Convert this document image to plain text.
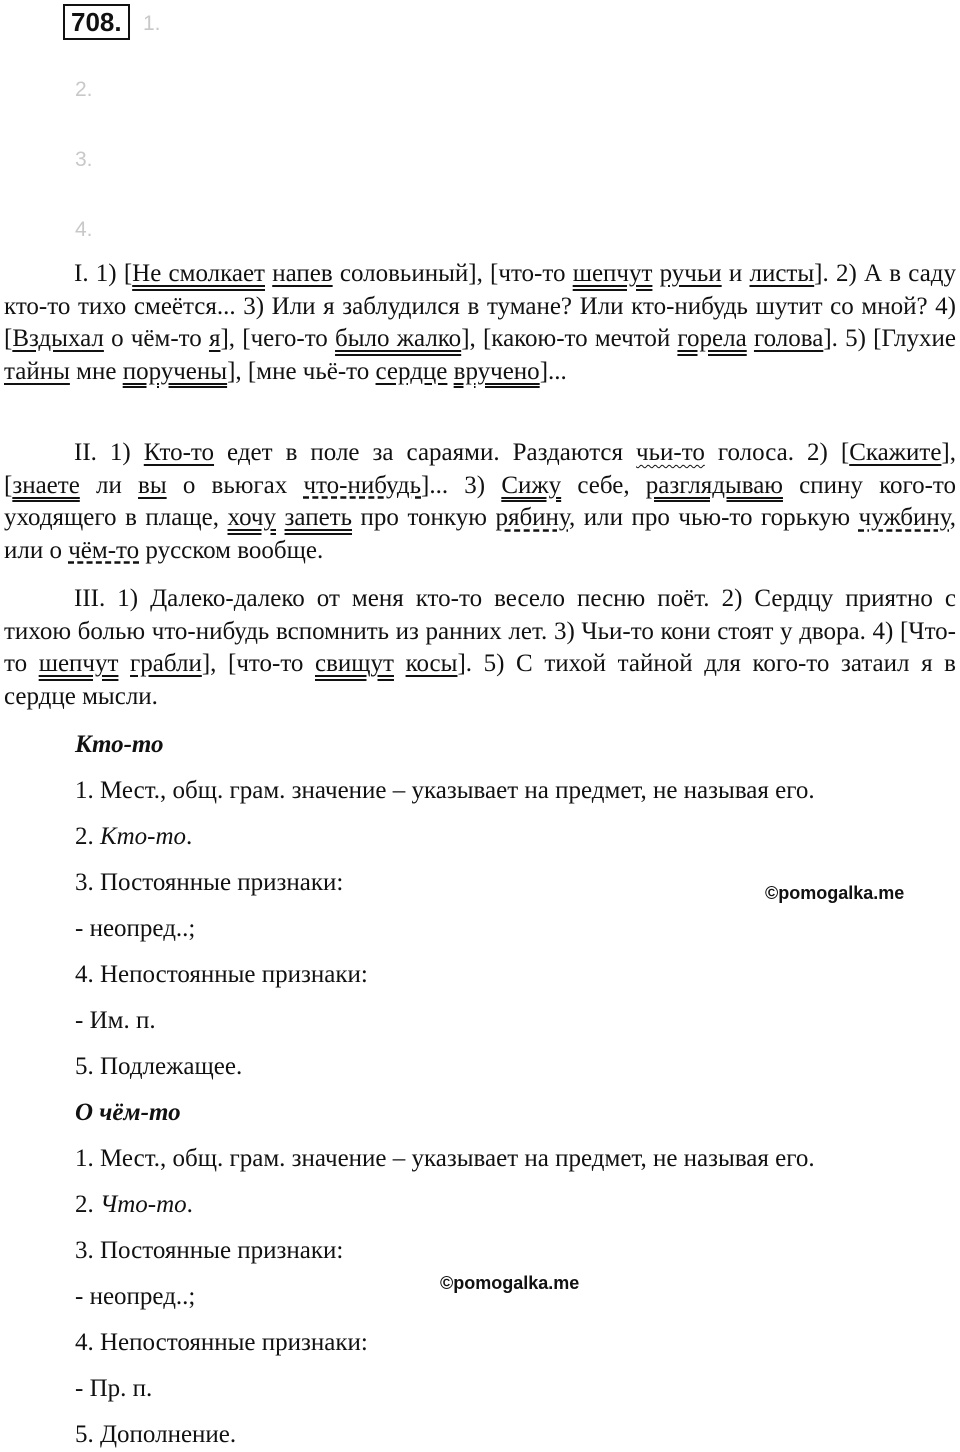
708.	1.
2.
3.
4.

I. 1) [Не смолкает напев соловьиный], [что-то шепчут ручьи и листы]. 2) А в саду кто-то тихо смеётся... 3) Или я заблудился в тумане? Или кто-нибудь шутит со мной? 4) [Вздыхал о чём-то я], [чего-то было жалко], [какою-то мечтой горела голова]. 5) [Глухие тайны мне поручены], [мне чьё-то сердце вручено]...

II. 1) Кто-то едет в поле за сараями. Раздаются чьи-то голоса. 2) [Скажите], [знаете ли вы о вьюгах что-нибудь]... 3) Сижу себе, разглядываю спину кого-то уходящего в плаще, хочу запеть про тонкую рябину, или про чью-то горькую чужбину, или о чём-то русском вообще.

III. 1) Далеко-далеко от меня кто-то весело песню поёт. 2) Сердцу приятно с тихою болью что-нибудь вспомнить из ранних лет. 3) Чьи-то кони стоят у двора. 4) [Что-то шепчут грабли], [что-то свищут косы]. 5) С тихой тайной для кого-то затаил я в сердце мысли.

Кто-то
1. Мест., общ. грам. значение – указывает на предмет, не называя его.
2. Кто-то.
3. Постоянные признаки:
- неопред..;
4. Непостоянные признаки:
- Им. п.
5. Подлежащее.
О чём-то
1. Мест., общ. грам. значение – указывает на предмет, не называя его.
2. Что-то.
3. Постоянные признаки:
- неопред..;
4. Непостоянные признаки:
- Пр. п.
5. Дополнение.
©pomogalka.me
©pomogalka.me
